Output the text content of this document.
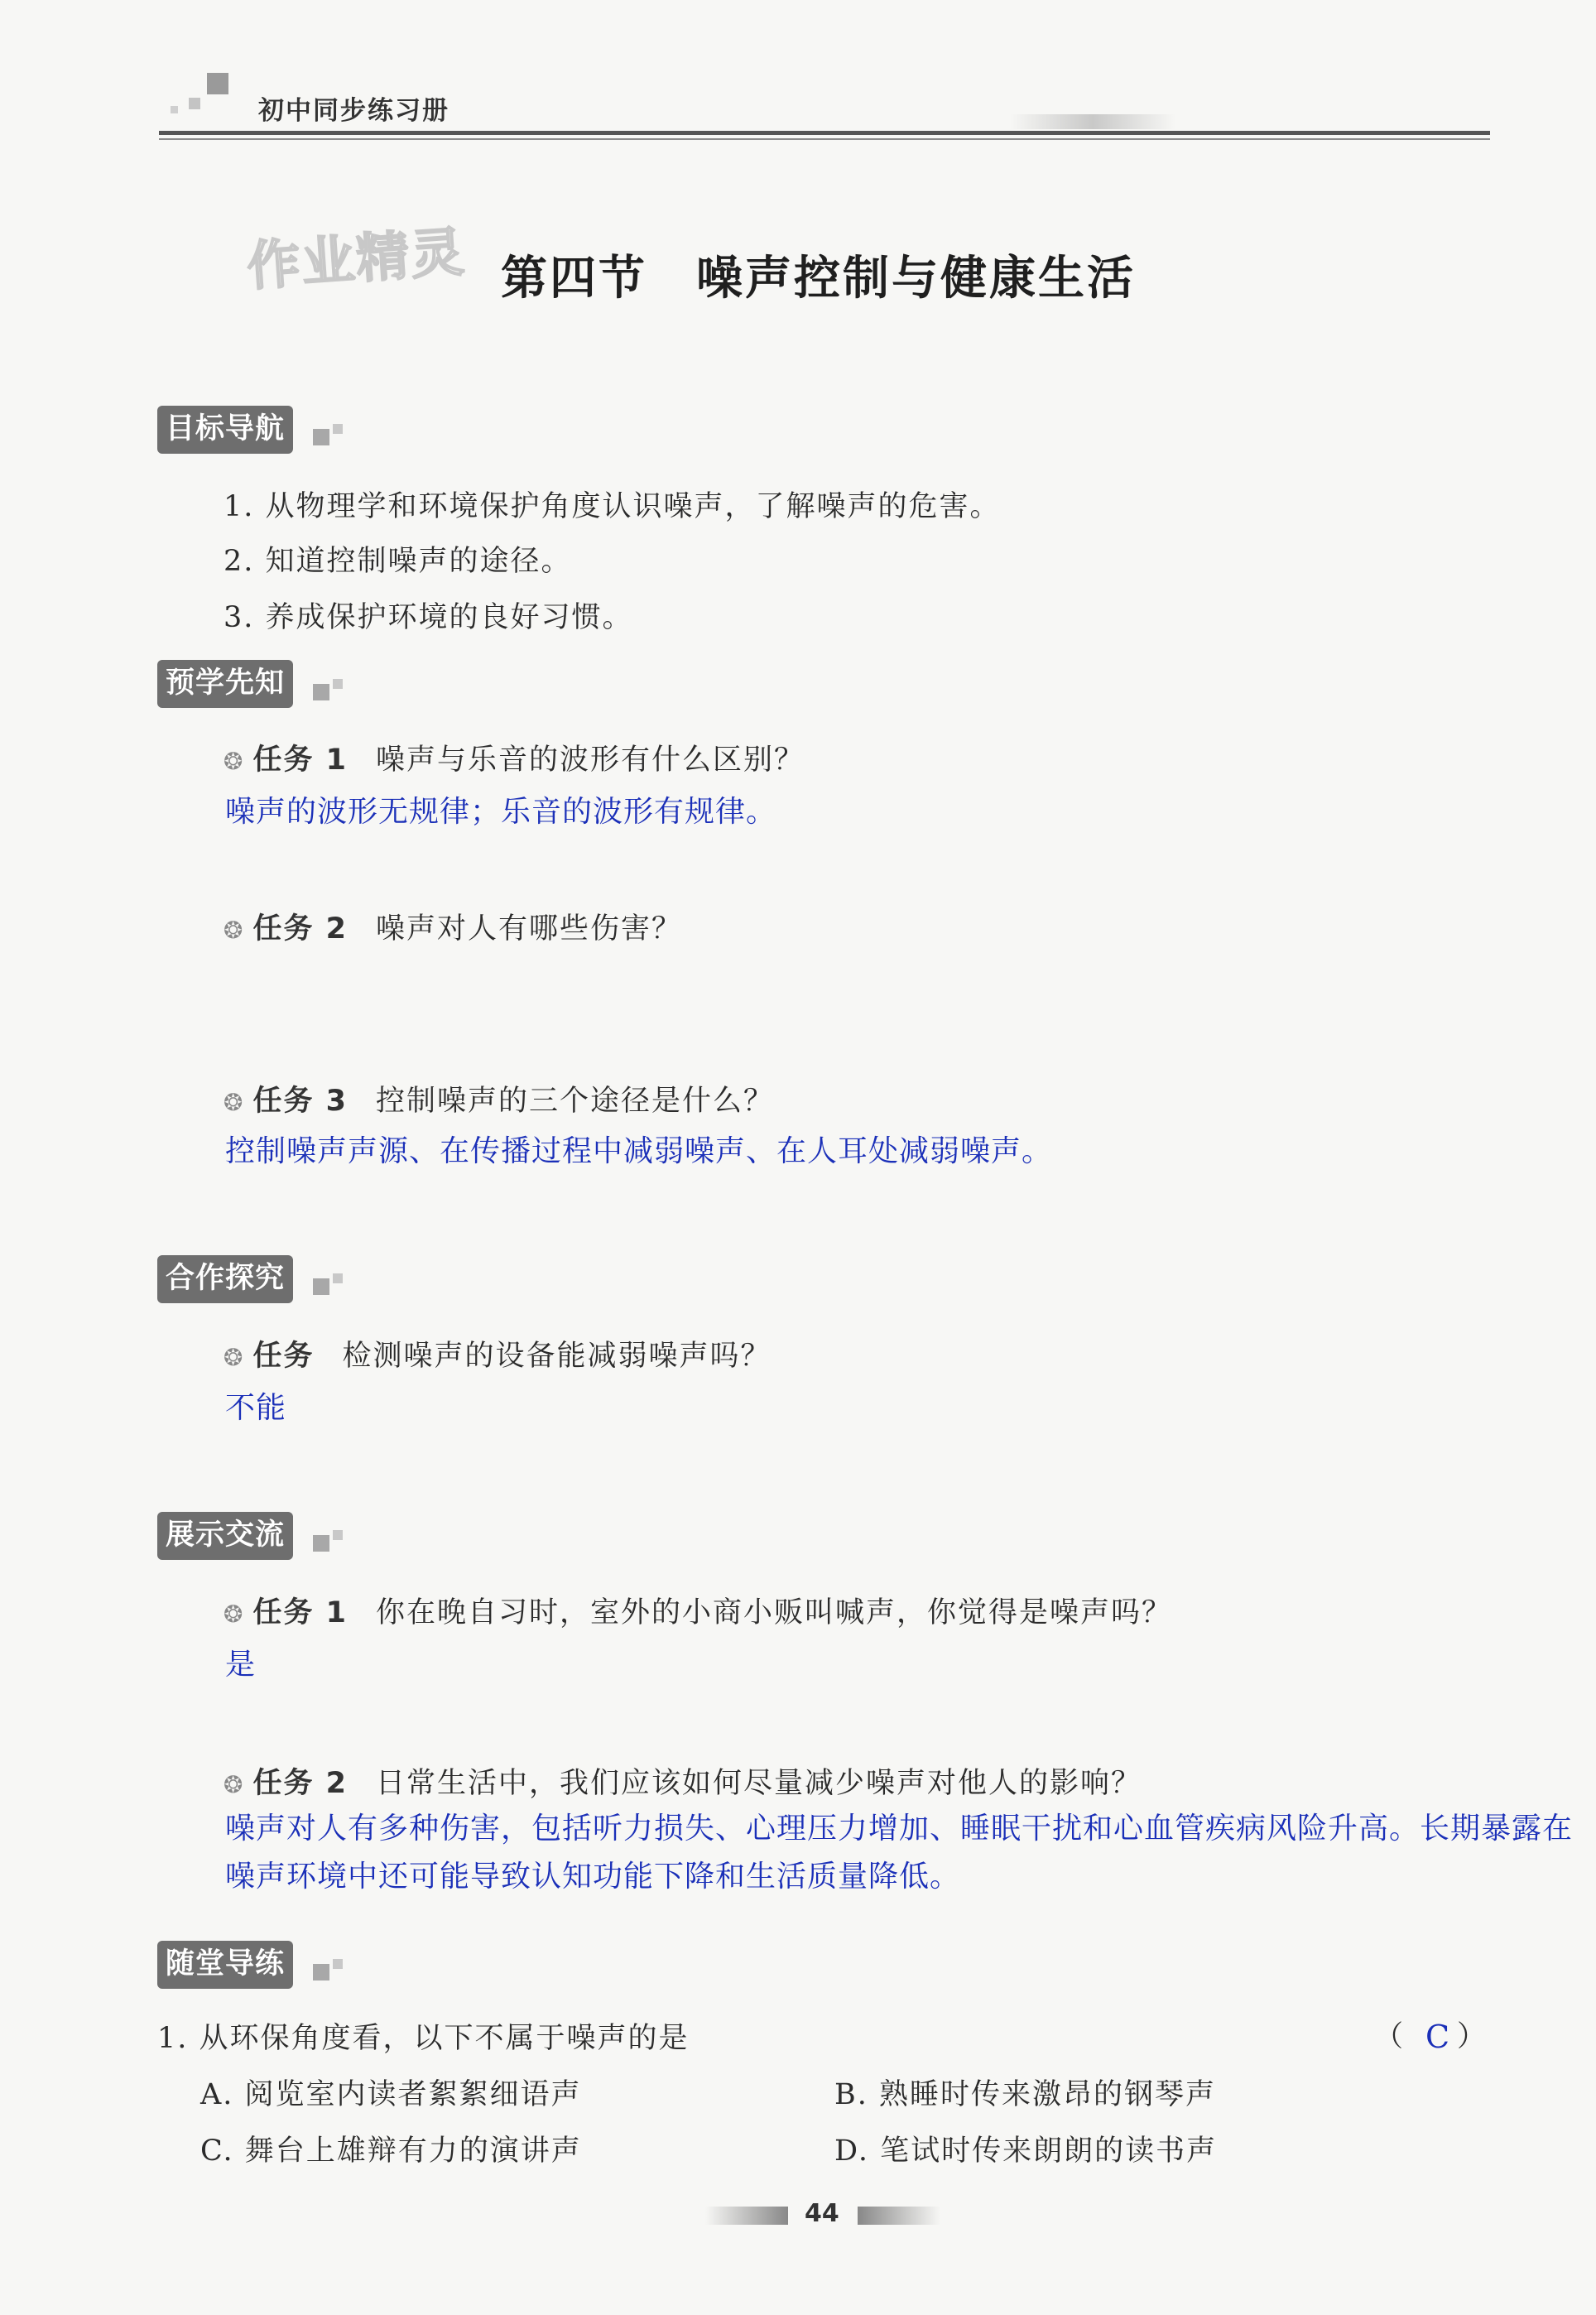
初中同步练习册
作业精灵 第四节　噪声控制与健康生活
目标导航
1. 从物理学和环境保护角度认识噪声，了解噪声的危害。
2. 知道控制噪声的途径。
3. 养成保护环境的良好习惯。
预学先知
❂ 任务 1 噪声与乐音的波形有什么区别？
噪声的波形无规律；乐音的波形有规律。
❂ 任务 2 噪声对人有哪些伤害？
❂ 任务 3 控制噪声的三个途径是什么？
控制噪声声源、在传播过程中减弱噪声、在人耳处减弱噪声。
合作探究
❂ 任务 检测噪声的设备能减弱噪声吗？
不能
展示交流
❂ 任务 1 你在晚自习时，室外的小商小贩叫喊声，你觉得是噪声吗？
是
❂ 任务 2 日常生活中，我们应该如何尽量减少噪声对他人的影响？
噪声对人有多种伤害，包括听力损失、心理压力增加、睡眠干扰和心血管疾病风险升高。长期暴露在噪声环境中还可能导致认知功能下降和生活质量降低。
随堂导练
1. 从环保角度看，以下不属于噪声的是	（ C ）
A. 阅览室内读者絮絮细语声	B. 熟睡时传来激昂的钢琴声
C. 舞台上雄辩有力的演讲声	D. 笔试时传来朗朗的读书声
44
